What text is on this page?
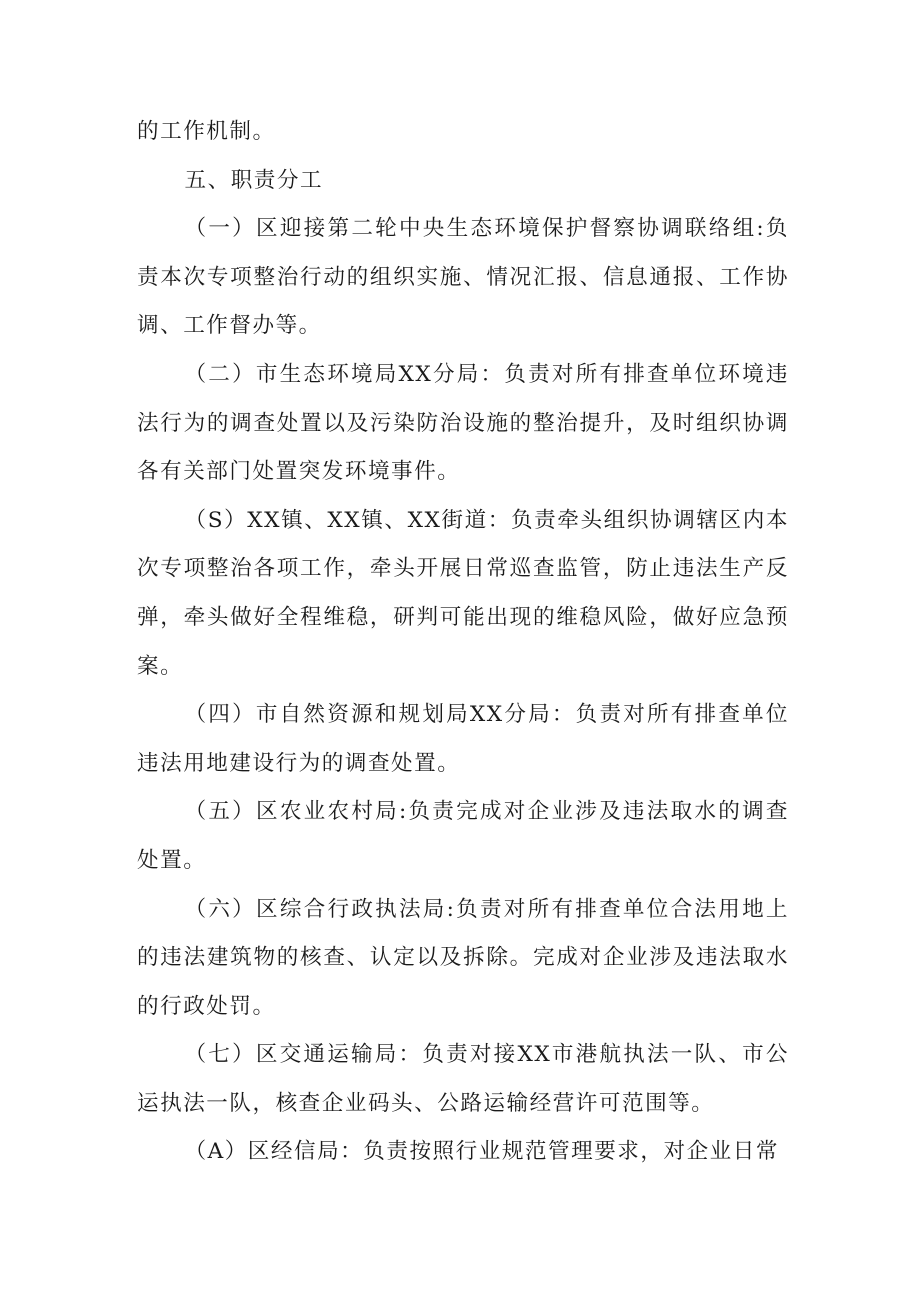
的工作机制。

五、职责分工

（一）区迎接第二轮中央生态环境保护督察协调联络组:负责本次专项整治行动的组织实施、情况汇报、信息通报、工作协调、工作督办等。

（二）市生态环境局XX分局：负责对所有排查单位环境违法行为的调查处置以及污染防治设施的整治提升，及时组织协调各有关部门处置突发环境事件。

（S）XX镇、XX镇、XX街道：负责牵头组织协调辖区内本次专项整治各项工作，牵头开展日常巡查监管，防止违法生产反弹，牵头做好全程维稳，研判可能出现的维稳风险，做好应急预案。

（四）市自然资源和规划局XX分局：负责对所有排查单位违法用地建设行为的调查处置。

（五）区农业农村局:负责完成对企业涉及违法取水的调查处置。

（六）区综合行政执法局:负责对所有排查单位合法用地上的违法建筑物的核查、认定以及拆除。完成对企业涉及违法取水的行政处罚。

（七）区交通运输局：负责对接XX市港航执法一队、市公运执法一队，核查企业码头、公路运输经营许可范围等。

（A）区经信局：负责按照行业规范管理要求，对企业日常
